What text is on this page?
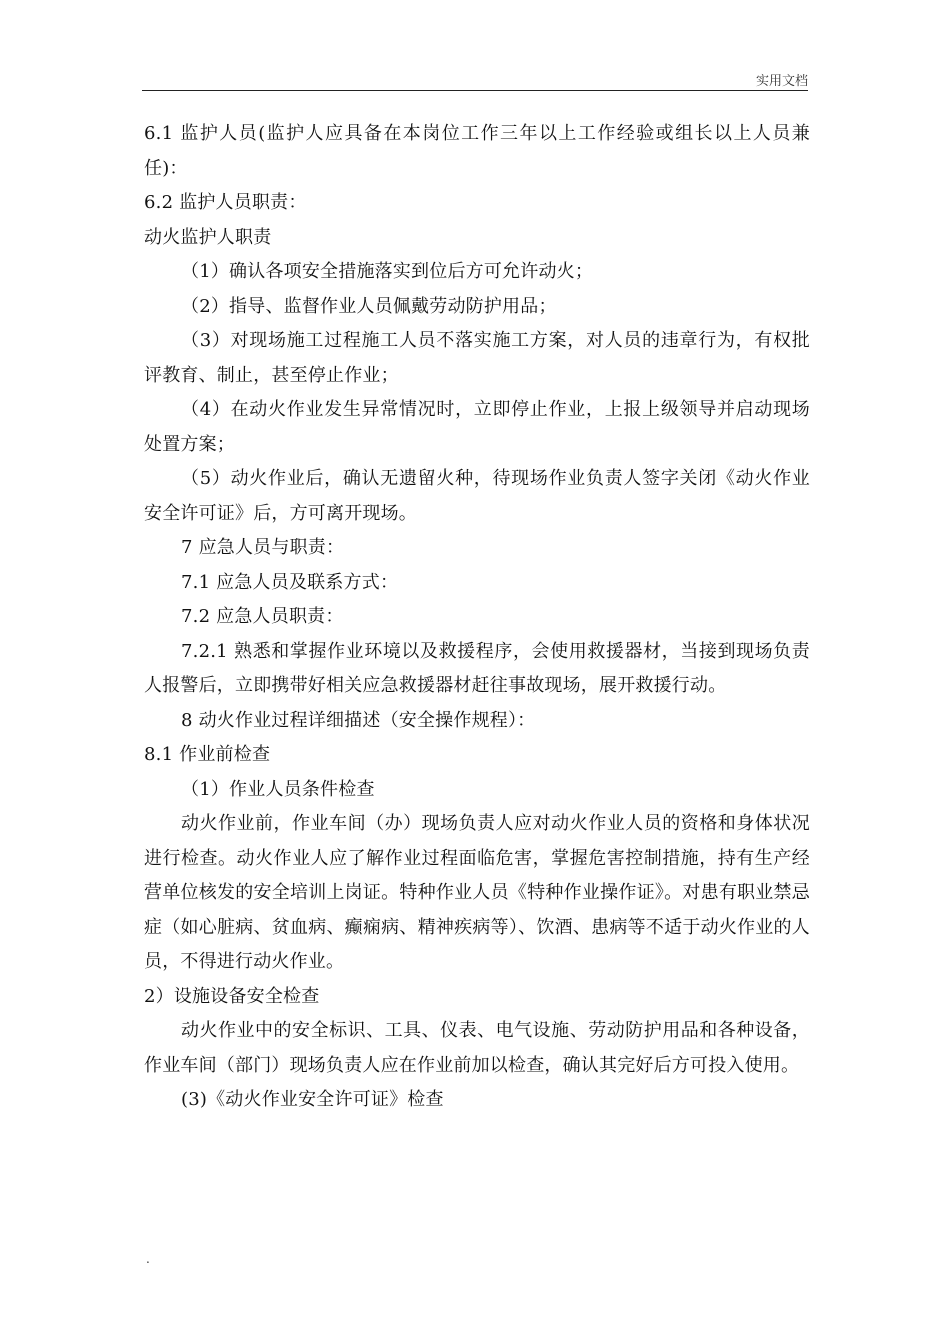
实用文档

6.1 监护人员(监护人应具备在本岗位工作三年以上工作经验或组长以上人员兼任)：

6.2 监护人员职责：

动火监护人职责

（1）确认各项安全措施落实到位后方可允许动火；

（2）指导、监督作业人员佩戴劳动防护用品；

（3）对现场施工过程施工人员不落实施工方案，对人员的违章行为，有权批评教育、制止，甚至停止作业；

（4）在动火作业发生异常情况时，立即停止作业，上报上级领导并启动现场处置方案；

（5）动火作业后，确认无遗留火种，待现场作业负责人签字关闭《动火作业安全许可证》后，方可离开现场。

7 应急人员与职责：

7.1 应急人员及联系方式：

7.2 应急人员职责：

7.2.1 熟悉和掌握作业环境以及救援程序，会使用救援器材，当接到现场负责人报警后，立即携带好相关应急救援器材赶往事故现场，展开救援行动。

8 动火作业过程详细描述（安全操作规程）：

8.1 作业前检查

（1）作业人员条件检查

动火作业前，作业车间（办）现场负责人应对动火作业人员的资格和身体状况进行检查。动火作业人应了解作业过程面临危害，掌握危害控制措施，持有生产经营单位核发的安全培训上岗证。特种作业人员《特种作业操作证》。对患有职业禁忌症（如心脏病、贫血病、癫痫病、精神疾病等）、饮酒、患病等不适于动火作业的人员，不得进行动火作业。

2）设施设备安全检查

动火作业中的安全标识、工具、仪表、电气设施、劳动防护用品和各种设备，作业车间（部门）现场负责人应在作业前加以检查，确认其完好后方可投入使用。

(3)《动火作业安全许可证》检查

.
